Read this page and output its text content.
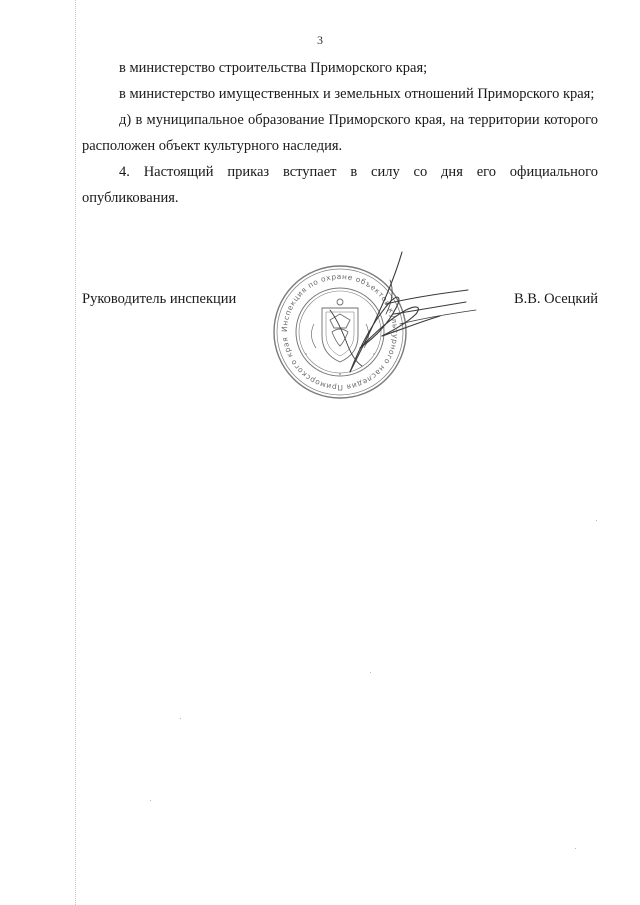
3

в министерство строительства Приморского края;

в министерство имущественных и земельных отношений Приморского края;

д) в муниципальное образование Приморского края, на территории которого расположен объект культурного наследия.

4. Настоящий приказ вступает в силу со дня его официального опубликования.

Руководитель инспекции	В.В. Осецкий
Инспекция по охране объектов культурного наследия Приморского края
